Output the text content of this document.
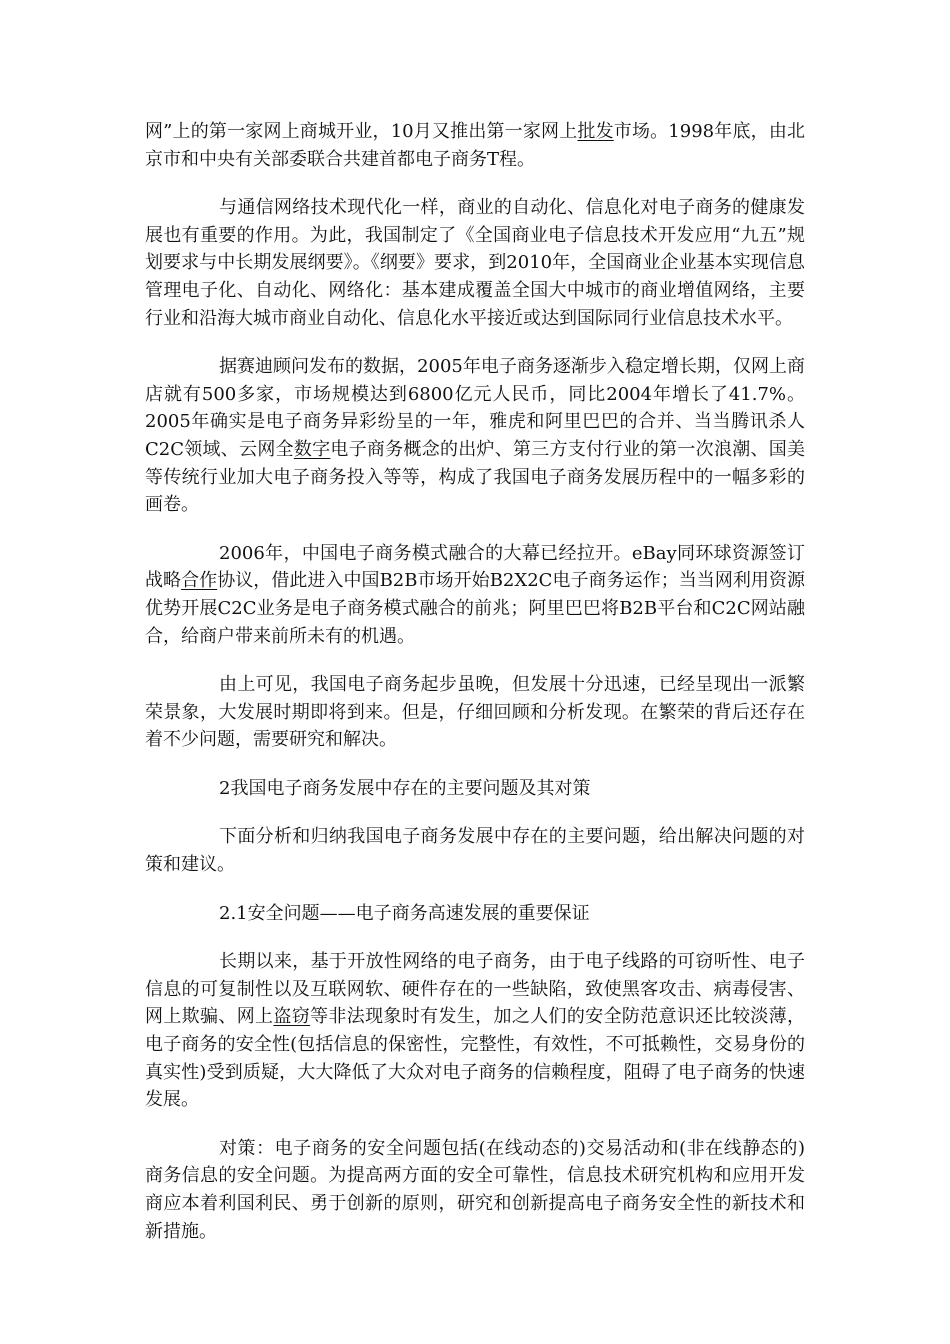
网”上的第一家网上商城开业，10月又推出第一家网上批发市场。1998年底，由北京市和中央有关部委联合共建首都电子商务T程。

与通信网络技术现代化一样，商业的自动化、信息化对电子商务的健康发展也有重要的作用。为此，我国制定了《全国商业电子信息技术开发应用“九五”规划要求与中长期发展纲要》。《纲要》要求，到2010年，全国商业企业基本实现信息管理电子化、自动化、网络化：基本建成覆盖全国大中城市的商业增值网络，主要行业和沿海大城市商业自动化、信息化水平接近或达到国际同行业信息技术水平。

据赛迪顾问发布的数据，2005年电子商务逐渐步入稳定增长期，仅网上商店就有500多家，市场规模达到6800亿元人民币，同比2004年增长了41.7%。2005年确实是电子商务异彩纷呈的一年，雅虎和阿里巴巴的合并、当当腾讯杀人C2C领域、云网全数字电子商务概念的出炉、第三方支付行业的第一次浪潮、国美等传统行业加大电子商务投入等等，构成了我国电子商务发展历程中的一幅多彩的画卷。

2006年，中国电子商务模式融合的大幕已经拉开。eBay同环球资源签订战略合作协议，借此进入中国B2B市场开始B2X2C电子商务运作；当当网利用资源优势开展C2C业务是电子商务模式融合的前兆；阿里巴巴将B2B平台和C2C网站融合，给商户带来前所未有的机遇。

由上可见，我国电子商务起步虽晚，但发展十分迅速，已经呈现出一派繁荣景象，大发展时期即将到来。但是，仔细回顾和分析发现。在繁荣的背后还存在着不少问题，需要研究和解决。

2我国电子商务发展中存在的主要问题及其对策

下面分析和归纳我国电子商务发展中存在的主要问题，给出解决问题的对策和建议。

2.1安全问题——电子商务高速发展的重要保证

长期以来，基于开放性网络的电子商务，由于电子线路的可窃听性、电子信息的可复制性以及互联网软、硬件存在的一些缺陷，致使黑客攻击、病毒侵害、网上欺骗、网上盗窃等非法现象时有发生，加之人们的安全防范意识还比较淡薄，电子商务的安全性(包括信息的保密性，完整性，有效性，不可抵赖性，交易身份的真实性)受到质疑，大大降低了大众对电子商务的信赖程度，阻碍了电子商务的快速发展。

对策：电子商务的安全问题包括(在线动态的)交易活动和(非在线静态的)商务信息的安全问题。为提高两方面的安全可靠性，信息技术研究机构和应用开发商应本着利国利民、勇于创新的原则，研究和创新提高电子商务安全性的新技术和新措施。
